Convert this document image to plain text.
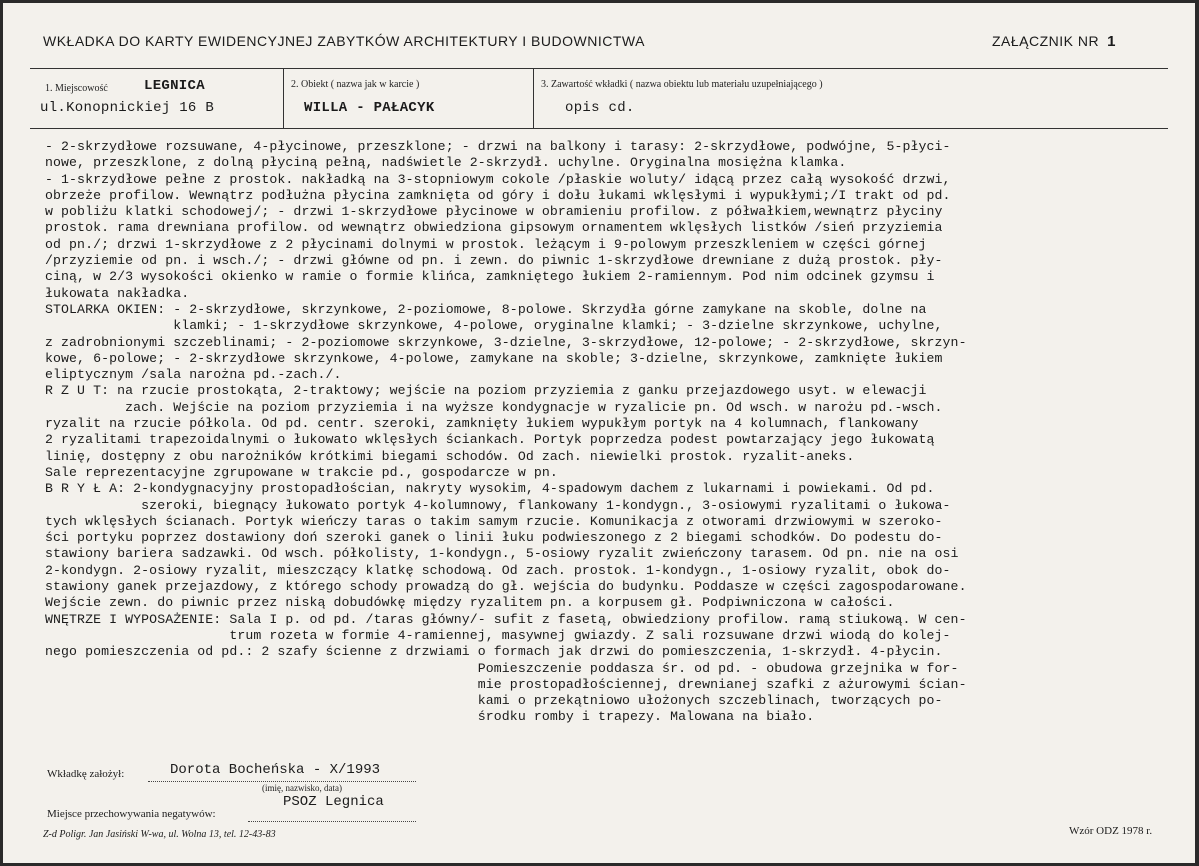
WKŁADKA DO KARTY EWIDENCYJNEJ ZABYTKÓW ARCHITEKTURY I BUDOWNICTWA	ZAŁĄCZNIK NR 1
1. Miejscowość	LEGNICA
ul.Konopnickiej 16 B
2. Obiekt ( nazwa jak w karcie )
WILLA - PAŁACYK
3. Zawartość wkładki ( nazwa obiektu lub materiału uzupełniającego )
opis cd.
- 2-skrzydłowe rozsuwane, 4-płycinowe, przeszklone; - drzwi na balkony i tarasy: 2-skrzydłowe, podwójne, 5-płyci-
nowe, przeszklone, z dolną płyciną pełną, nadświetle 2-skrzydł. uchylne. Oryginalna mosiężna klamka.
- 1-skrzydłowe pełne z prostok. nakładką na 3-stopniowym cokole /płaskie woluty/ idącą przez całą wysokość drzwi,
obrzeże profilow. Wewnątrz podłużna płycina zamknięta od góry i dołu łukami wklęsłymi i wypukłymi;/I trakt od pd.
w pobliżu klatki schodowej/; - drzwi 1-skrzydłowe płycinowe w obramieniu profilow. z półwałkiem,wewnątrz płyciny
prostok. rama drewniana profilow. od wewnątrz obwiedziona gipsowym ornamentem wklęsłych listków /sień przyziemia
od pn./; drzwi 1-skrzydłowe z 2 płycinami dolnymi w prostok. leżącym i 9-polowym przeszkleniem w części górnej
/przyziemie od pn. i wsch./; - drzwi główne od pn. i zewn. do piwnic 1-skrzydłowe drewniane z dużą prostok. pły-
ciną, w 2/3 wysokości okienko w ramie o formie klińca, zamkniętego łukiem 2-ramiennym. Pod nim odcinek gzymsu i
łukowata nakładka.
STOLARKA OKIEN: - 2-skrzydłowe, skrzynkowe, 2-poziomowe, 8-polowe. Skrzydła górne zamykane na skoble, dolne na
klamki; - 1-skrzydłowe skrzynkowe, 4-polowe, oryginalne klamki; - 3-dzielne skrzynkowe, uchylne,
z zadrobnionymi szczeblinami; - 2-poziomowe skrzynkowe, 3-dzielne, 3-skrzydłowe, 12-polowe; - 2-skrzydłowe, skrzyn-
kowe, 6-polowe; - 2-skrzydłowe skrzynkowe, 4-polowe, zamykane na skoble; 3-dzielne, skrzynkowe, zamknięte łukiem
eliptycznym /sala narożna pd.-zach./.
R Z U T: na rzucie prostokąta, 2-traktowy; wejście na poziom przyziemia z ganku przejazdowego usyt. w elewacji
zach. Wejście na poziom przyziemia i na wyższe kondygnacje w ryzalicie pn. Od wsch. w narożu pd.-wsch.
ryzalit na rzucie półkola. Od pd. centr. szeroki, zamknięty łukiem wypukłym portyk na 4 kolumnach, flankowany
2 ryzalitami trapezoidalnymi o łukowato wklęsłych ściankach. Portyk poprzedza podest powtarzający jego łukowatą
linię, dostępny z obu narożników krótkimi biegami schodów. Od zach. niewielki prostok. ryzalit-aneks.
Sale reprezentacyjne zgrupowane w trakcie pd., gospodarcze w pn.
B R Y Ł A: 2-kondygnacyjny prostopadłościan, nakryty wysokim, 4-spadowym dachem z lukarnami i powiekami. Od pd.
szeroki, biegnący łukowato portyk 4-kolumnowy, flankowany 1-kondygn., 3-osiowymi ryzalitami o łukowa-
tych wklęsłych ścianach. Portyk wieńczy taras o takim samym rzucie. Komunikacja z otworami drzwiowymi w szeroko-
ści portyku poprzez dostawiony doń szeroki ganek o linii łuku podwieszonego z 2 biegami schodków. Do podestu do-
stawiony bariera sadzawki. Od wsch. półkolisty, 1-kondygn., 5-osiowy ryzalit zwieńczony tarasem. Od pn. nie na osi
2-kondygn. 2-osiowy ryzalit, mieszczący klatkę schodową. Od zach. prostok. 1-kondygn., 1-osiowy ryzalit, obok do-
stawiony ganek przejazdowy, z którego schody prowadzą do gł. wejścia do budynku. Poddasze w części zagospodarowane.
Wejście zewn. do piwnic przez niską dobudówkę między ryzalitem pn. a korpusem gł. Podpiwniczona w całości.
WNĘTRZE I WYPOSAŻENIE: Sala I p. od pd. /taras główny/- sufit z fasetą, obwiedziony profilow. ramą stiukową. W cen-
trum rozeta w formie 4-ramiennej, masywnej gwiazdy. Z sali rozsuwane drzwi wiodą do kolej-
nego pomieszczenia od pd.: 2 szafy ścienne z drzwiami o formach jak drzwi do pomieszczenia, 1-skrzydł. 4-płycin.
Pomieszczenie poddasza śr. od pd. - obudowa grzejnika w for-
mie prostopadłościennej, drewnianej szafki z ażurowymi ścian-
kami o przekątniowo ułożonych szczeblinach, tworzących po-
środku romby i trapezy. Malowana na biało.
Wkładkę założył:	Dorota Bocheńska - X/1993
(imię, nazwisko, data)
Miejsce przechowywania negatywów:
PSOZ Legnica
Z-d Poligr. Jan Jasiński W-wa, ul. Wolna 13, tel. 12-43-83	Wzór ODZ 1978 r.
